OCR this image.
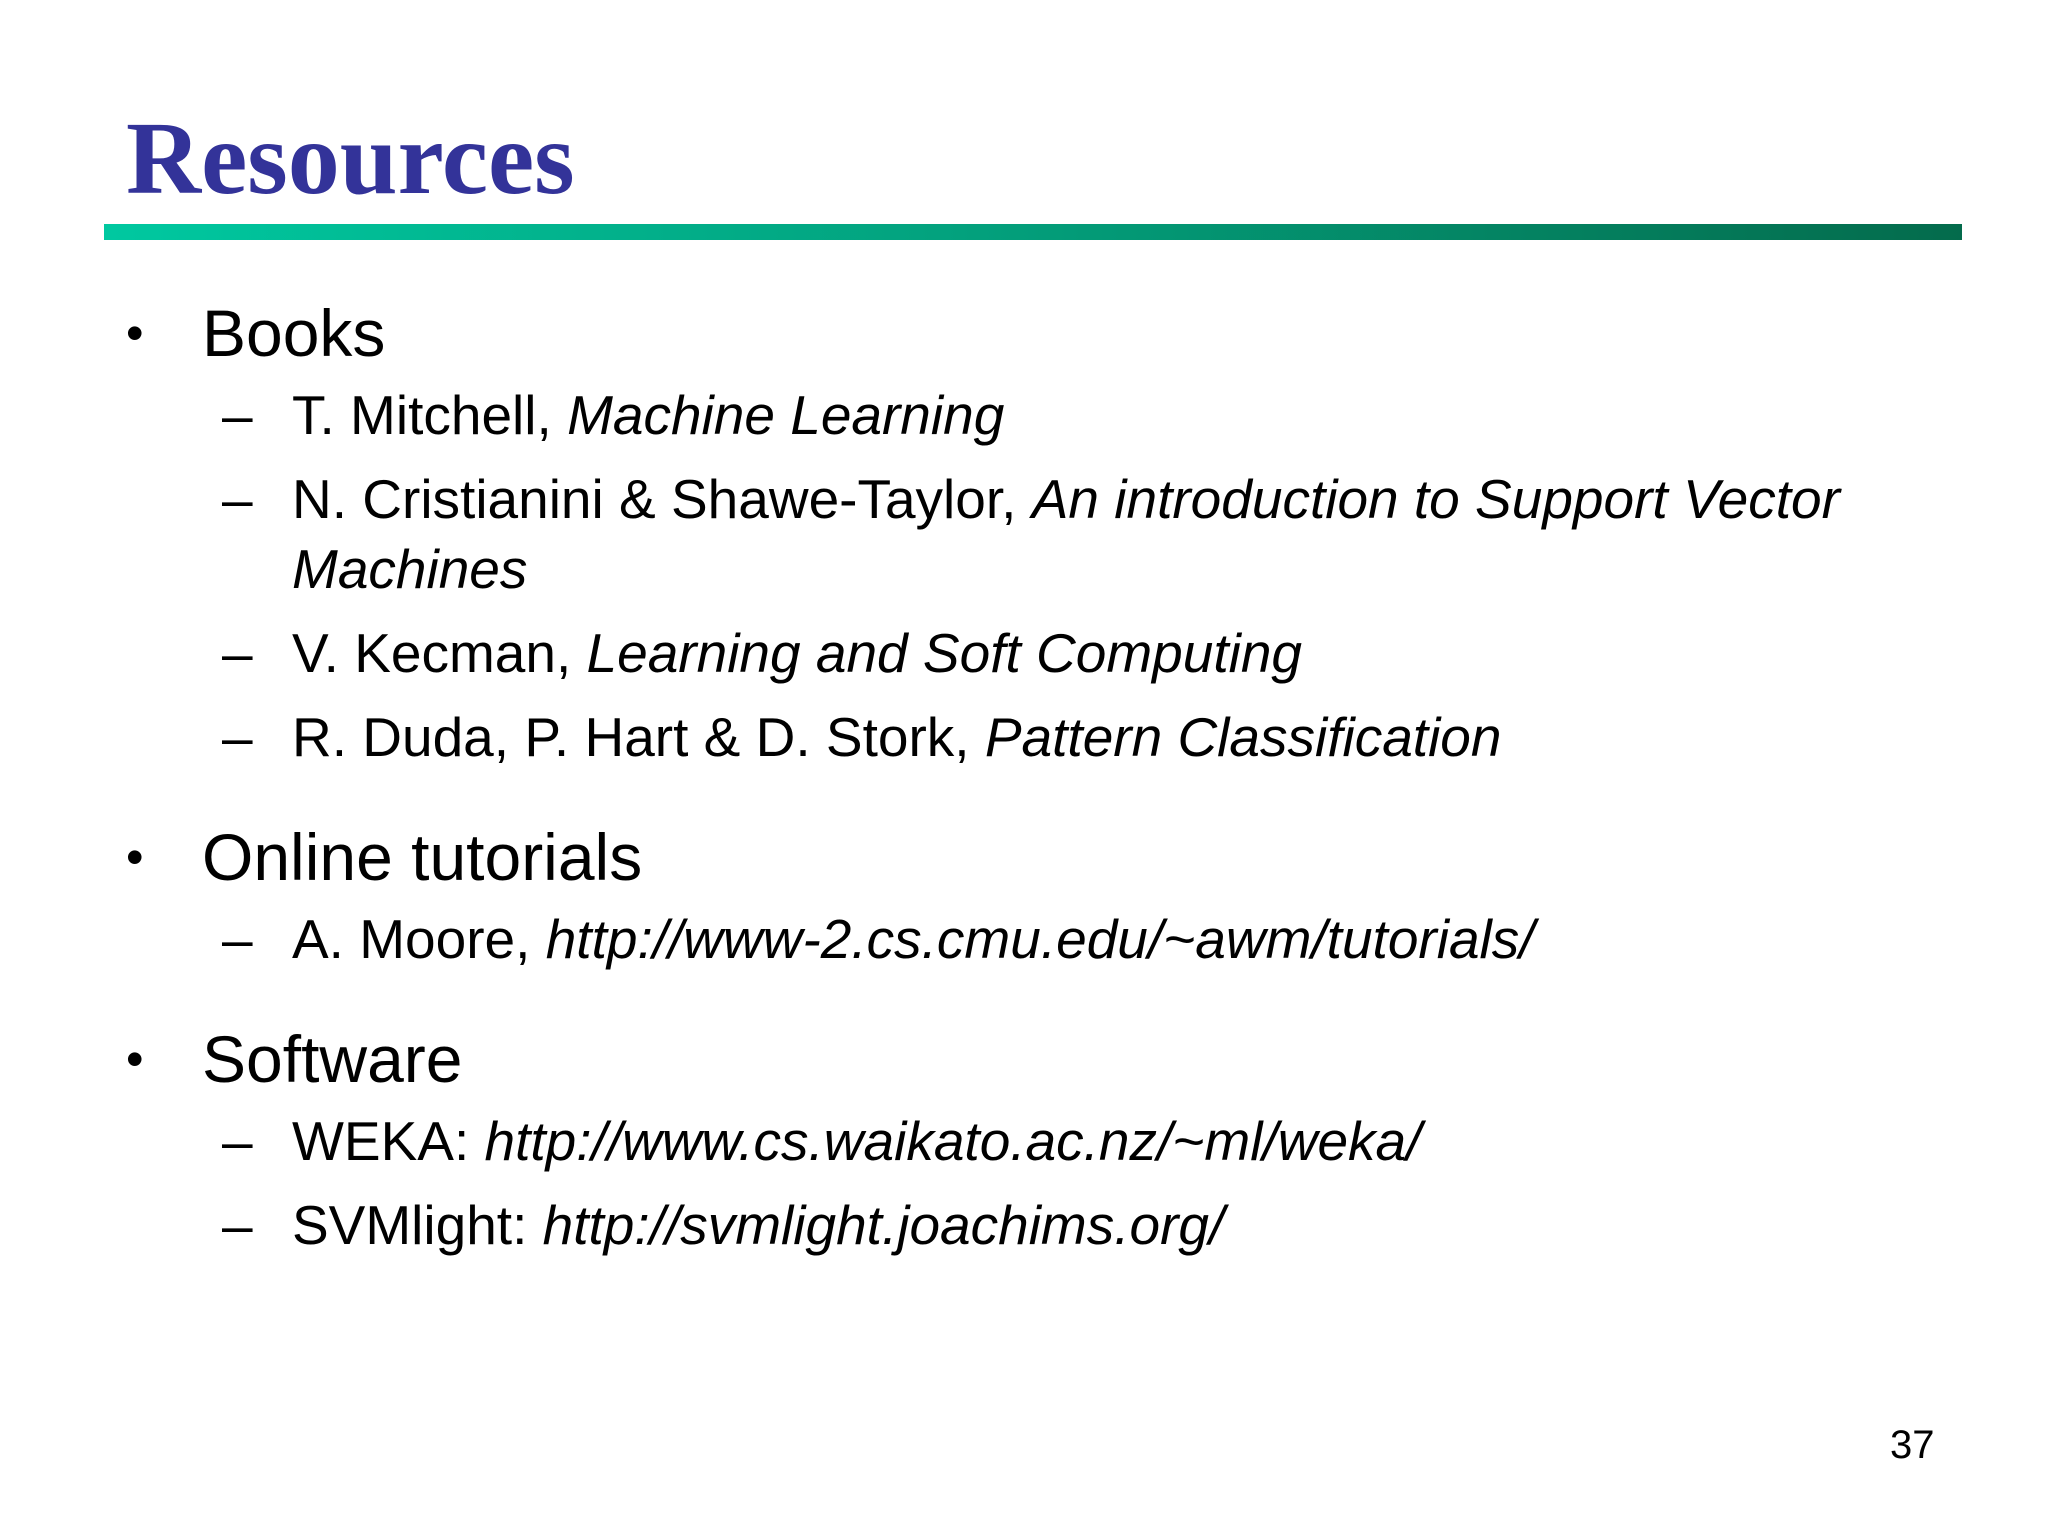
Resources
• Books
– T. Mitchell, Machine Learning
– N. Cristianini & Shawe-Taylor, An introduction to Support Vector Machines
– V. Kecman, Learning and Soft Computing
– R. Duda, P. Hart & D. Stork, Pattern Classification
• Online tutorials
– A. Moore, http://www-2.cs.cmu.edu/~awm/tutorials/
• Software
– WEKA: http://www.cs.waikato.ac.nz/~ml/weka/
– SVMlight: http://svmlight.joachims.org/
37
